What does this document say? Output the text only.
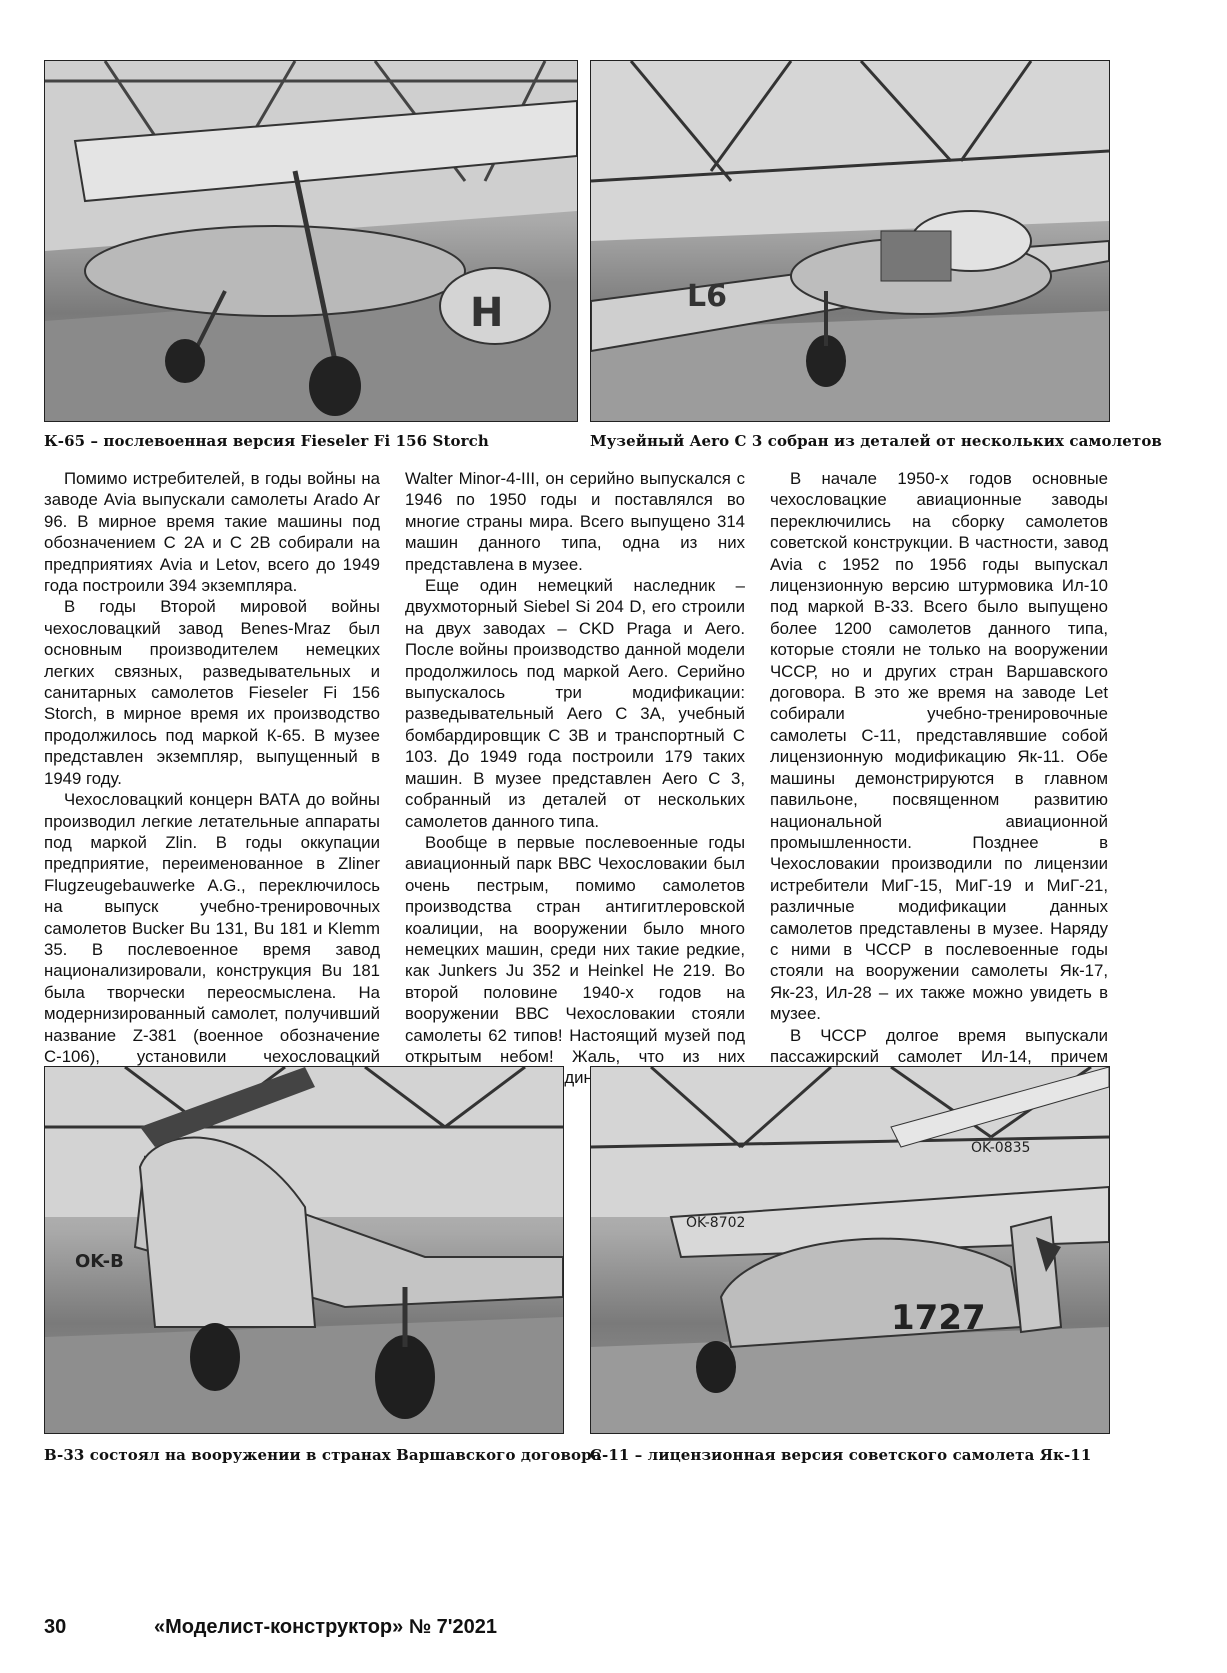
H
К-65 – послевоенная версия Fieseler Fi 156 Storch
L6
Музейный Aero C 3 собран из деталей от нескольких самолетов

Помимо истребителей, в годы войны на заводе Avia выпускали самолеты Arado Ar 96. В мирное время такие машины под обозначением С 2А и С 2В собирали на предприятиях Avia и Letov, всего до 1949 года построили 394 экземпляра.

В годы Второй мировой войны чехословацкий завод Benes-Mraz был основным производителем немецких легких связных, разведывательных и санитарных самолетов Fieseler Fi 156 Storch, в мирное время их производство продолжилось под маркой К-65. В музее представлен экземпляр, выпущенный в 1949 году.

Чехословацкий концерн ВАТА до войны производил легкие летательные аппараты под маркой Zlin. В годы оккупации предприятие, переименованное в Zliner Flugzeugebauwerke A.G., переключилось на выпуск учебно-тренировочных самолетов Bucker Bu 131, Bu 181 и Klemm 35. В послевоенное время завод национализировали, конструкция Bu 181 была творчески переосмыслена. На модернизированный самолет, получивший название Z-381 (военное обозначение С-106), установили чехословацкий

Walter Minor-4-III, он серийно выпускался с 1946 по 1950 годы и поставлялся во многие страны мира. Всего выпущено 314 машин данного типа, одна из них представлена в музее.

Еще один немецкий наследник – двухмоторный Siebel Si 204 D, его строили на двух заводах – CKD Praga и Aero. После войны производство данной модели продолжилось под маркой Aero. Серийно выпускалось три модификации: разведывательный Aero C 3A, учебный бомбардировщик С 3В и транспортный С 103. До 1949 года построили 179 таких машин. В музее представлен Aero C 3, собранный из деталей от нескольких самолетов данного типа.

Вообще в первые послевоенные годы авиационный парк ВВС Чехословакии был очень пестрым, помимо самолетов производства стран антигитлеровской коалиции, на вооружении было много немецких машин, среди них такие редкие, как Junkers Ju 352 и Heinkel He 219. Во второй половине 1940-х годов на вооружении ВВС Чехословакии стояли самолеты 62 типов! Настоящий музей под открытым небом! Жаль, что из них

В начале 1950-х годов основные чехословацкие авиационные заводы переключились на сборку самолетов советской конструкции. В частности, завод Avia с 1952 по 1956 годы выпускал лицензионную версию штурмовика Ил-10 под маркой В-33. Всего было выпущено более 1200 самолетов данного типа, которые стояли не только на вооружении ЧССР, но и других стран Варшавского договора. В это же время на заводе Let собирали учебно-тренировочные самолеты С-11, представлявшие собой лицензионную модификацию Як-11. Обе машины демонстрируются в главном павильоне, посвященном развитию национальной авиационной промышленности. Позднее в Чехословакии производили по лицензии истребители МиГ-15, МиГ-19 и МиГ-21, различные модификации данных самолетов представлены в музее. Наряду с ними в ЧССР в послевоенные годы стояли на вооружении самолеты Як-17, Як-23, Ил-28 – их также можно увидеть в музее.

В ЧССР долгое время выпускали пассажирский самолет Ил-14, причем

OK-B
B-33 состоял на вооружении в странах Варшавского договора
OK-8702
OK-0835
1727
C-11 – лицензионная версия советского самолета Як-11
30	«Моделист-конструктор» № 7'2021
